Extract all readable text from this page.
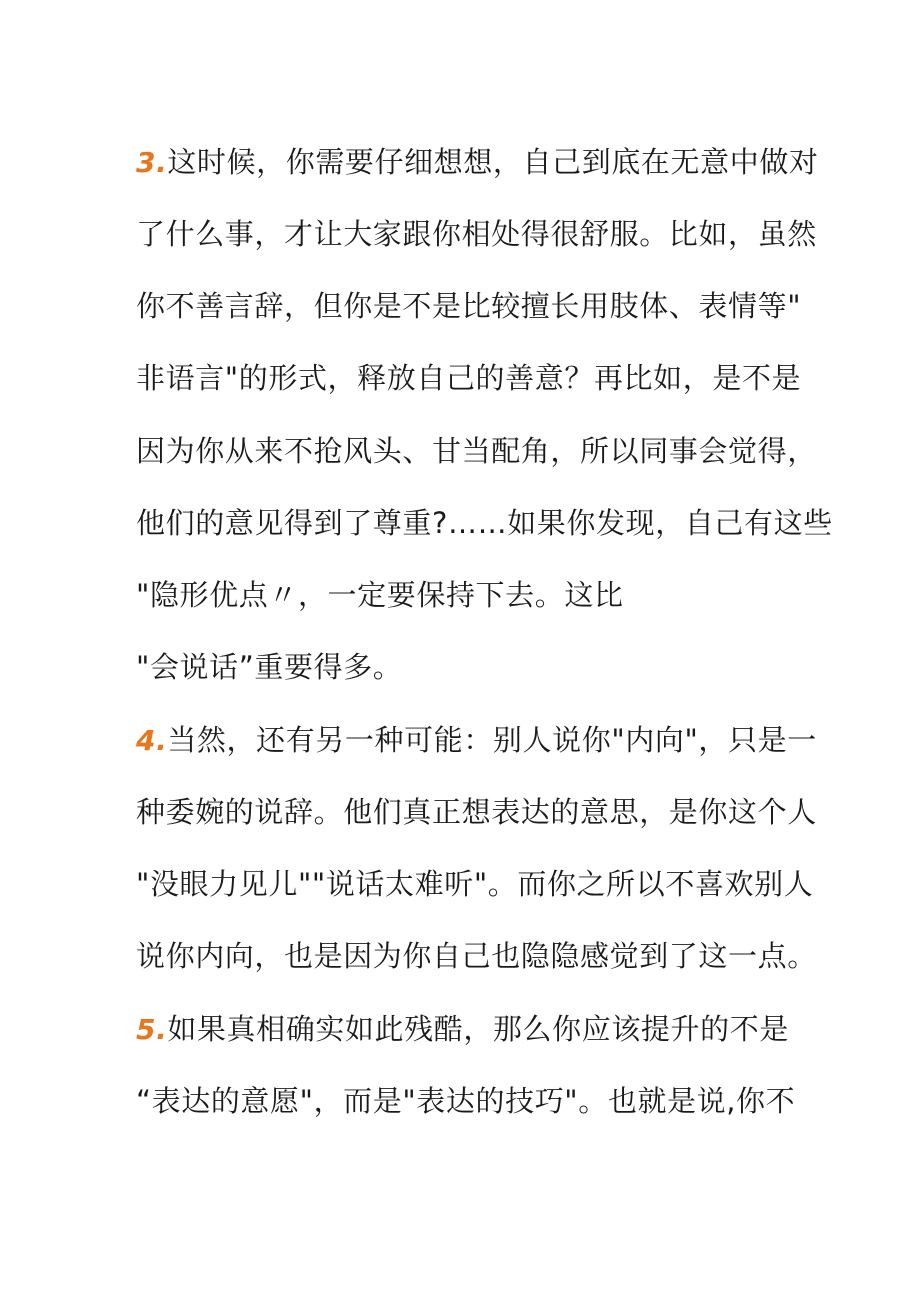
3.这时候，你需要仔细想想，自己到底在无意中做对
了什么事，才让大家跟你相处得很舒服。比如，虽然
你不善言辞，但你是不是比较擅长用肢体、表情等"
非语言"的形式，释放自己的善意？再比如，是不是
因为你从来不抢风头、甘当配角，所以同事会觉得，
他们的意见得到了尊重?……如果你发现，自己有这些
"隐形优点〃，一定要保持下去。这比
"会说话”重要得多。
4.当然，还有另一种可能：别人说你"内向"，只是一
种委婉的说辞。他们真正想表达的意思，是你这个人
"没眼力见儿""说话太难听"。而你之所以不喜欢别人
说你内向，也是因为你自己也隐隐感觉到了这一点。
5.如果真相确实如此残酷，那么你应该提升的不是
“表达的意愿"，而是"表达的技巧"。也就是说,你不
